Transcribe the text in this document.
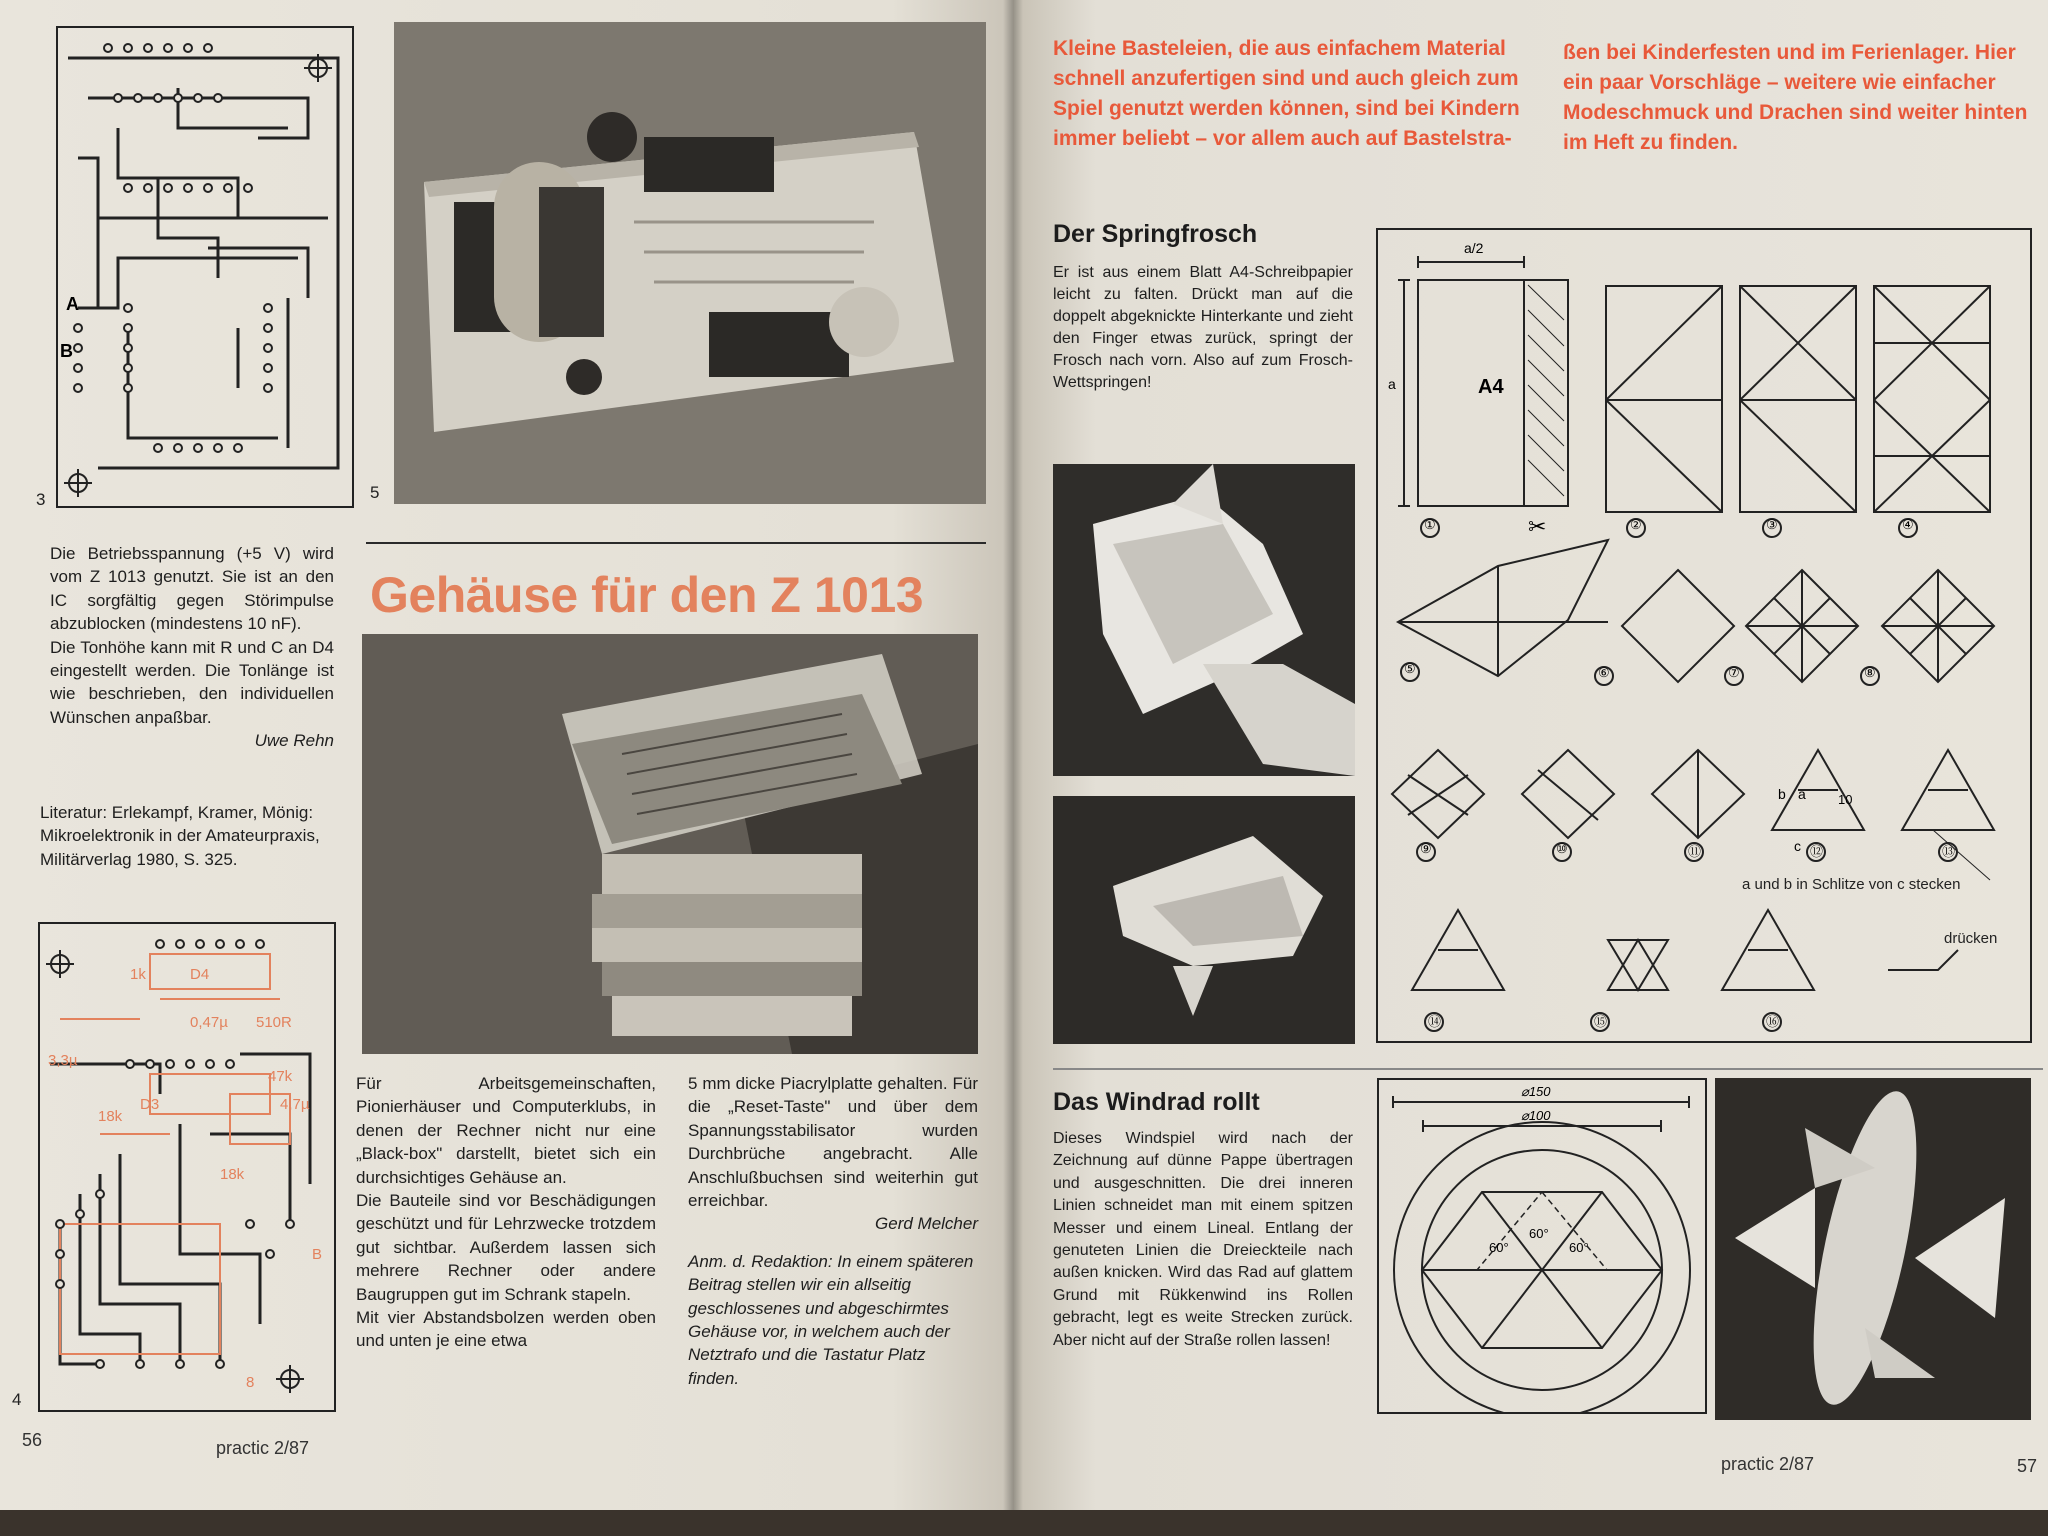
A
B
3	5

Die Betriebsspannung (+5 V) wird vom Z 1013 genutzt. Sie ist an den IC sorgfältig gegen Störimpulse abzublocken (mindestens 10 nF).

Die Tonhöhe kann mit R und C an D4 eingestellt werden. Die Tonlänge ist wie beschrieben, den individuellen Wünschen anpaßbar.

Uwe Rehn

Literatur: Erlekampf, Kramer, Mönig: Mikroelektronik in der Amateurpraxis, Militärverlag 1980, S. 325.
1k	D4
0,47µ 510R
3,3µ
47k
18k
D3	4,7µ
18k
B
8
4
Gehäuse für den Z 1013

Für Arbeitsgemeinschaften, Pionierhäuser und Computerklubs, in denen der Rechner nicht nur eine „Black-box" darstellt, bietet sich ein durchsichtiges Gehäuse an.

Die Bauteile sind vor Beschädigungen geschützt und für Lehrzwecke trotzdem gut sichtbar. Außerdem lassen sich mehrere Rechner oder andere Baugruppen gut im Schrank stapeln.

Mit vier Abstandsbolzen werden oben und unten je eine etwa

5 mm dicke Piacrylplatte gehalten. Für die „Reset-Taste" und über dem Spannungsstabilisator wurden Durchbrüche angebracht. Alle Anschlußbuchsen sind weiterhin gut erreichbar.

Gerd Melcher

Anm. d. Redaktion: In einem späteren Beitrag stellen wir ein allseitig geschlossenes und abgeschirmtes Gehäuse vor, in welchem auch der Netztrafo und die Tastatur Platz finden.

56	practic 2/87
Kleine Basteleien, die aus einfachem Material schnell anzufertigen sind und auch gleich zum Spiel genutzt werden können, sind bei Kindern immer beliebt – vor allem auch auf Bastelstra-
ßen bei Kinderfesten und im Ferienlager. Hier ein paar Vorschläge – weitere wie einfacher Modeschmuck und Drachen sind weiter hinten im Heft zu finden.
Der Springfrosch
Er ist aus einem Blatt A4-Schreibpapier leicht zu falten. Drückt man auf die doppelt abgeknickte Hinterkante und zieht den Finger etwas zurück, springt der Frosch nach vorn. Also auf zum Frosch-Wettspringen!
a/2
a	A4
✂
b a
c
10
a und b in Schlitze von c stecken
drücken
①	②	③	④
⑤	⑥	⑦	⑧
⑨	⑩	⑪	⑫	⑬
⑭	⑮	⑯
Das Windrad rollt
Dieses Windspiel wird nach der Zeichnung auf dünne Pappe übertragen und ausgeschnitten. Die drei inneren Linien schneidet man mit einem spitzen Messer und einem Lineal. Entlang der genuteten Linien die Dreieckteile nach außen knicken. Wird das Rad auf glattem Grund mit Rükkenwind ins Rollen gebracht, legt es weite Strecken zurück. Aber nicht auf der Straße rollen lassen!
⌀150
⌀100
60°
60°	60°
practic 2/87	57
